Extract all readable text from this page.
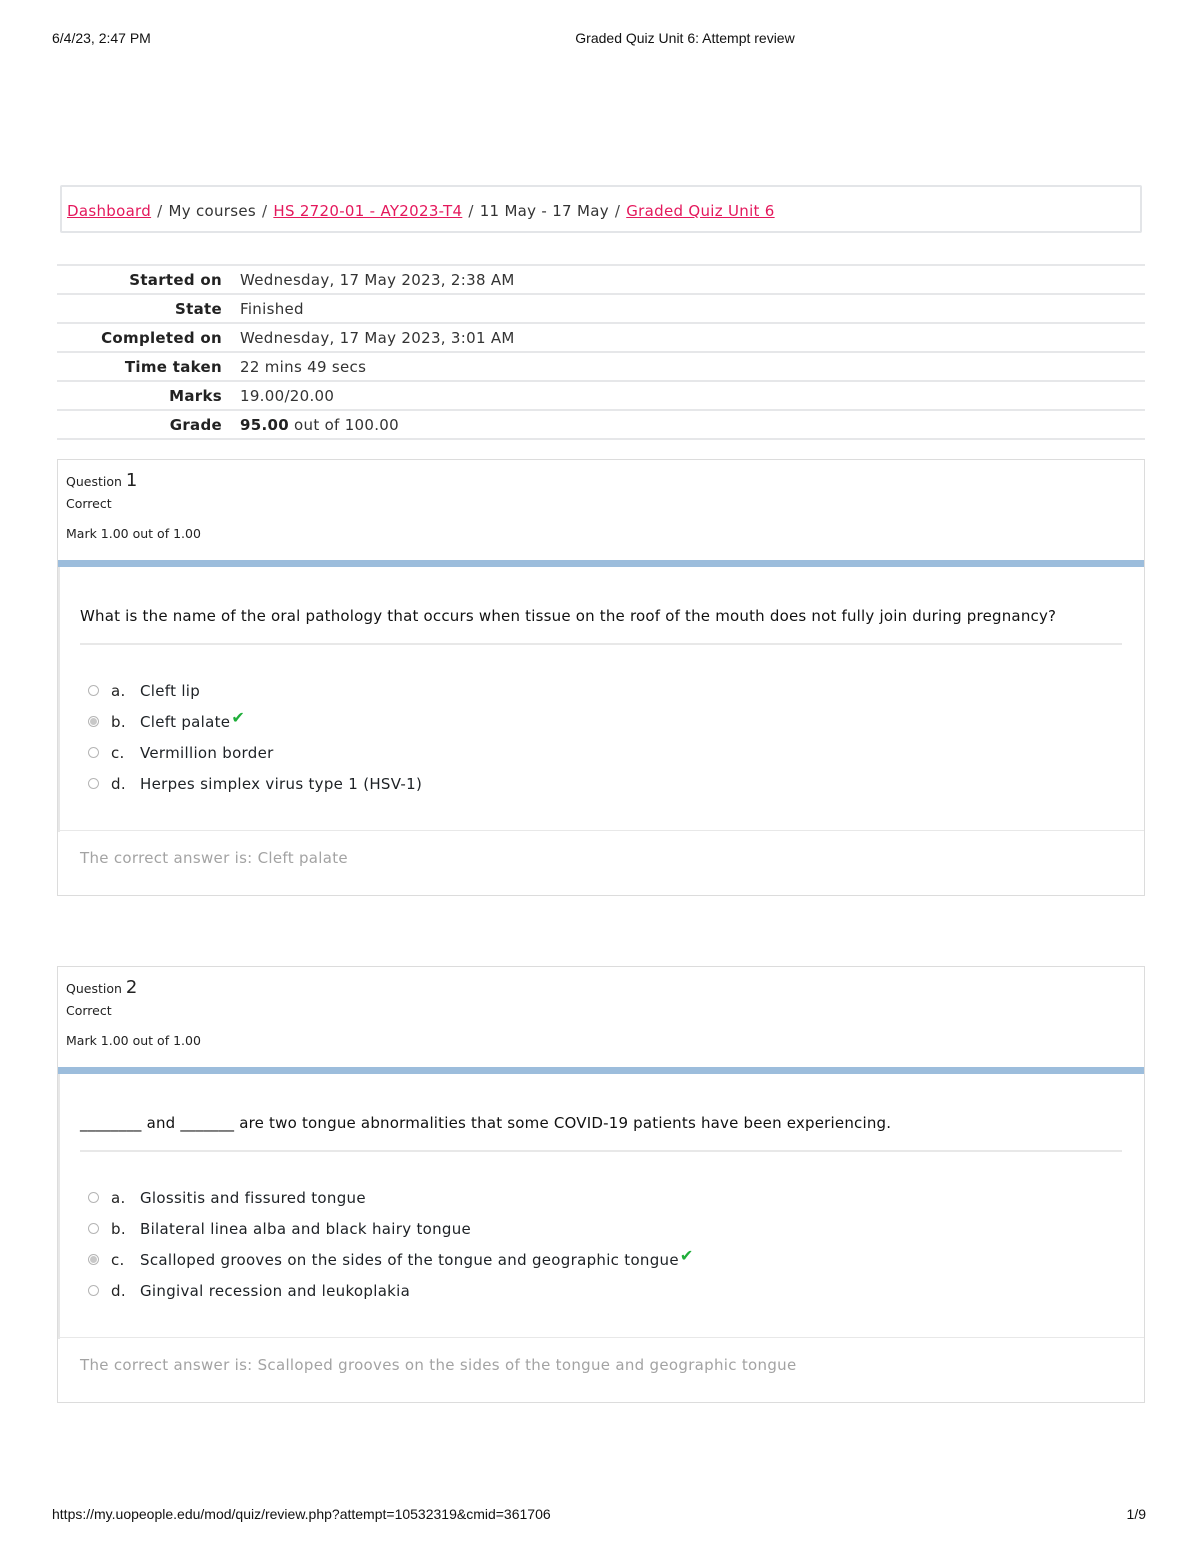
6/4/23, 2:47 PM	Graded Quiz Unit 6: Attempt review
Dashboard / My courses / HS 2720-01 - AY2023-T4 / 11 May - 17 May / Graded Quiz Unit 6
Started on	Wednesday, 17 May 2023, 2:38 AM
State	Finished
Completed on	Wednesday, 17 May 2023, 3:01 AM
Time taken	22 mins 49 secs
Marks	19.00/20.00
Grade	95.00 out of 100.00
Question 1
Correct
Mark 1.00 out of 1.00
What is the name of the oral pathology that occurs when tissue on the roof of the mouth does not fully join during pregnancy?
a. Cleft lip
b. Cleft palate ✔
c.	Vermillion border
d. Herpes simplex virus type 1 (HSV-1)
The correct answer is: Cleft palate
Question 2
Correct
Mark 1.00 out of 1.00
________ and _______ are two tongue abnormalities that some COVID-19 patients have been experiencing.
a. Glossitis and fissured tongue
b. Bilateral linea alba and black hairy tongue
c.	Scalloped grooves on the sides of the tongue and geographic tongue ✔
d. Gingival recession and leukoplakia
The correct answer is: Scalloped grooves on the sides of the tongue and geographic tongue
https://my.uopeople.edu/mod/quiz/review.php?attempt=10532319&cmid=361706	1/9
